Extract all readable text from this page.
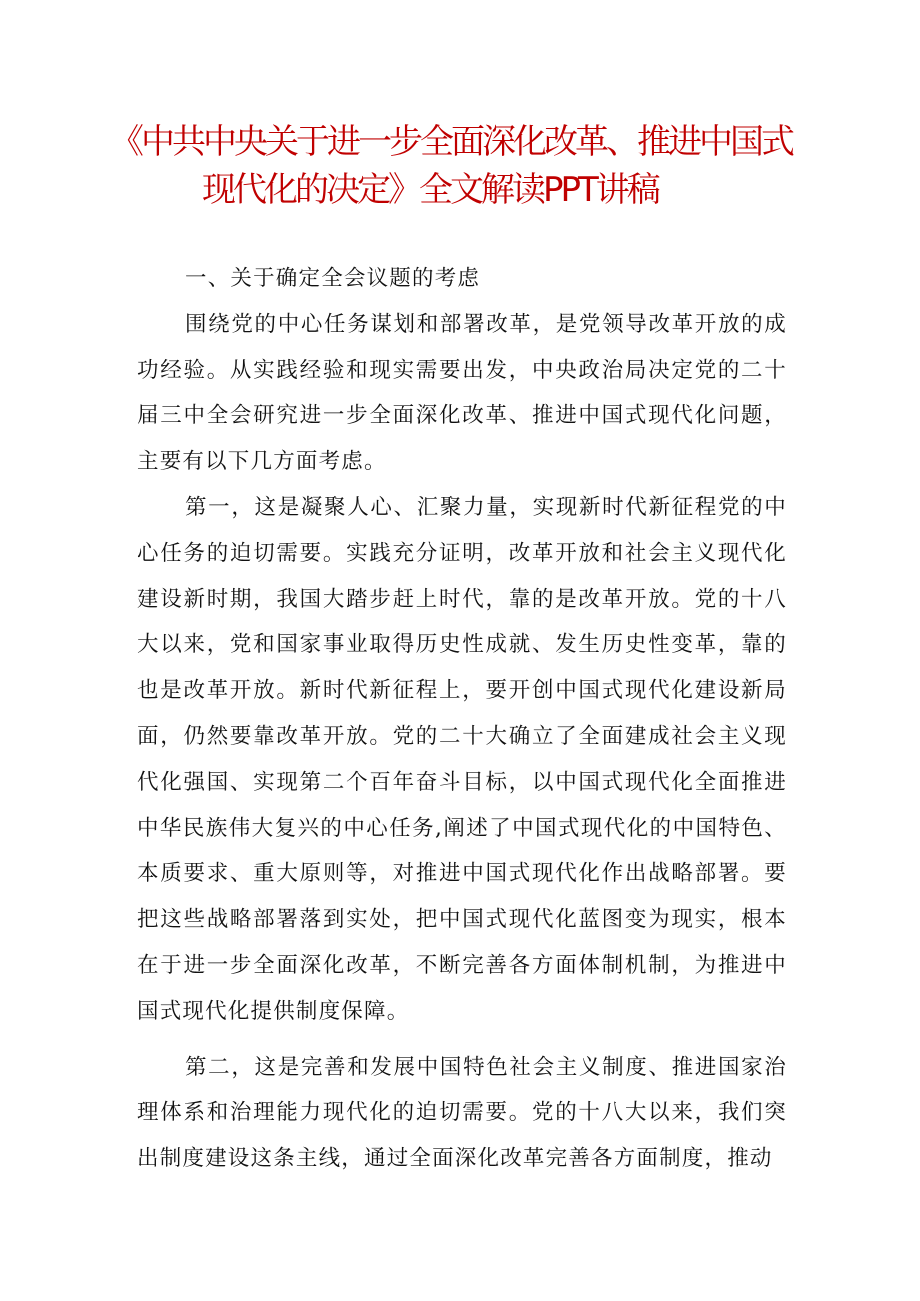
《中共中央关于进一步全面深化改革、推进中国式
现代化的决定》全文解读PPT讲稿

一、关于确定全会议题的考虑

围绕党的中心任务谋划和部署改革，是党领导改革开放的成功经验。从实践经验和现实需要出发，中央政治局决定党的二十届三中全会研究进一步全面深化改革、推进中国式现代化问题，主要有以下几方面考虑。

第一，这是凝聚人心、汇聚力量，实现新时代新征程党的中心任务的迫切需要。实践充分证明，改革开放和社会主义现代化建设新时期，我国大踏步赶上时代，靠的是改革开放。党的十八大以来，党和国家事业取得历史性成就、发生历史性变革，靠的也是改革开放。新时代新征程上，要开创中国式现代化建设新局面，仍然要靠改革开放。党的二十大确立了全面建成社会主义现代化强国、实现第二个百年奋斗目标，以中国式现代化全面推进中华民族伟大复兴的中心任务,阐述了中国式现代化的中国特色、本质要求、重大原则等，对推进中国式现代化作出战略部署。要把这些战略部署落到实处，把中国式现代化蓝图变为现实，根本在于进一步全面深化改革，不断完善各方面体制机制，为推进中国式现代化提供制度保障。

第二，这是完善和发展中国特色社会主义制度、推进国家治理体系和治理能力现代化的迫切需要。党的十八大以来，我们突出制度建设这条主线，通过全面深化改革完善各方面制度，推动
